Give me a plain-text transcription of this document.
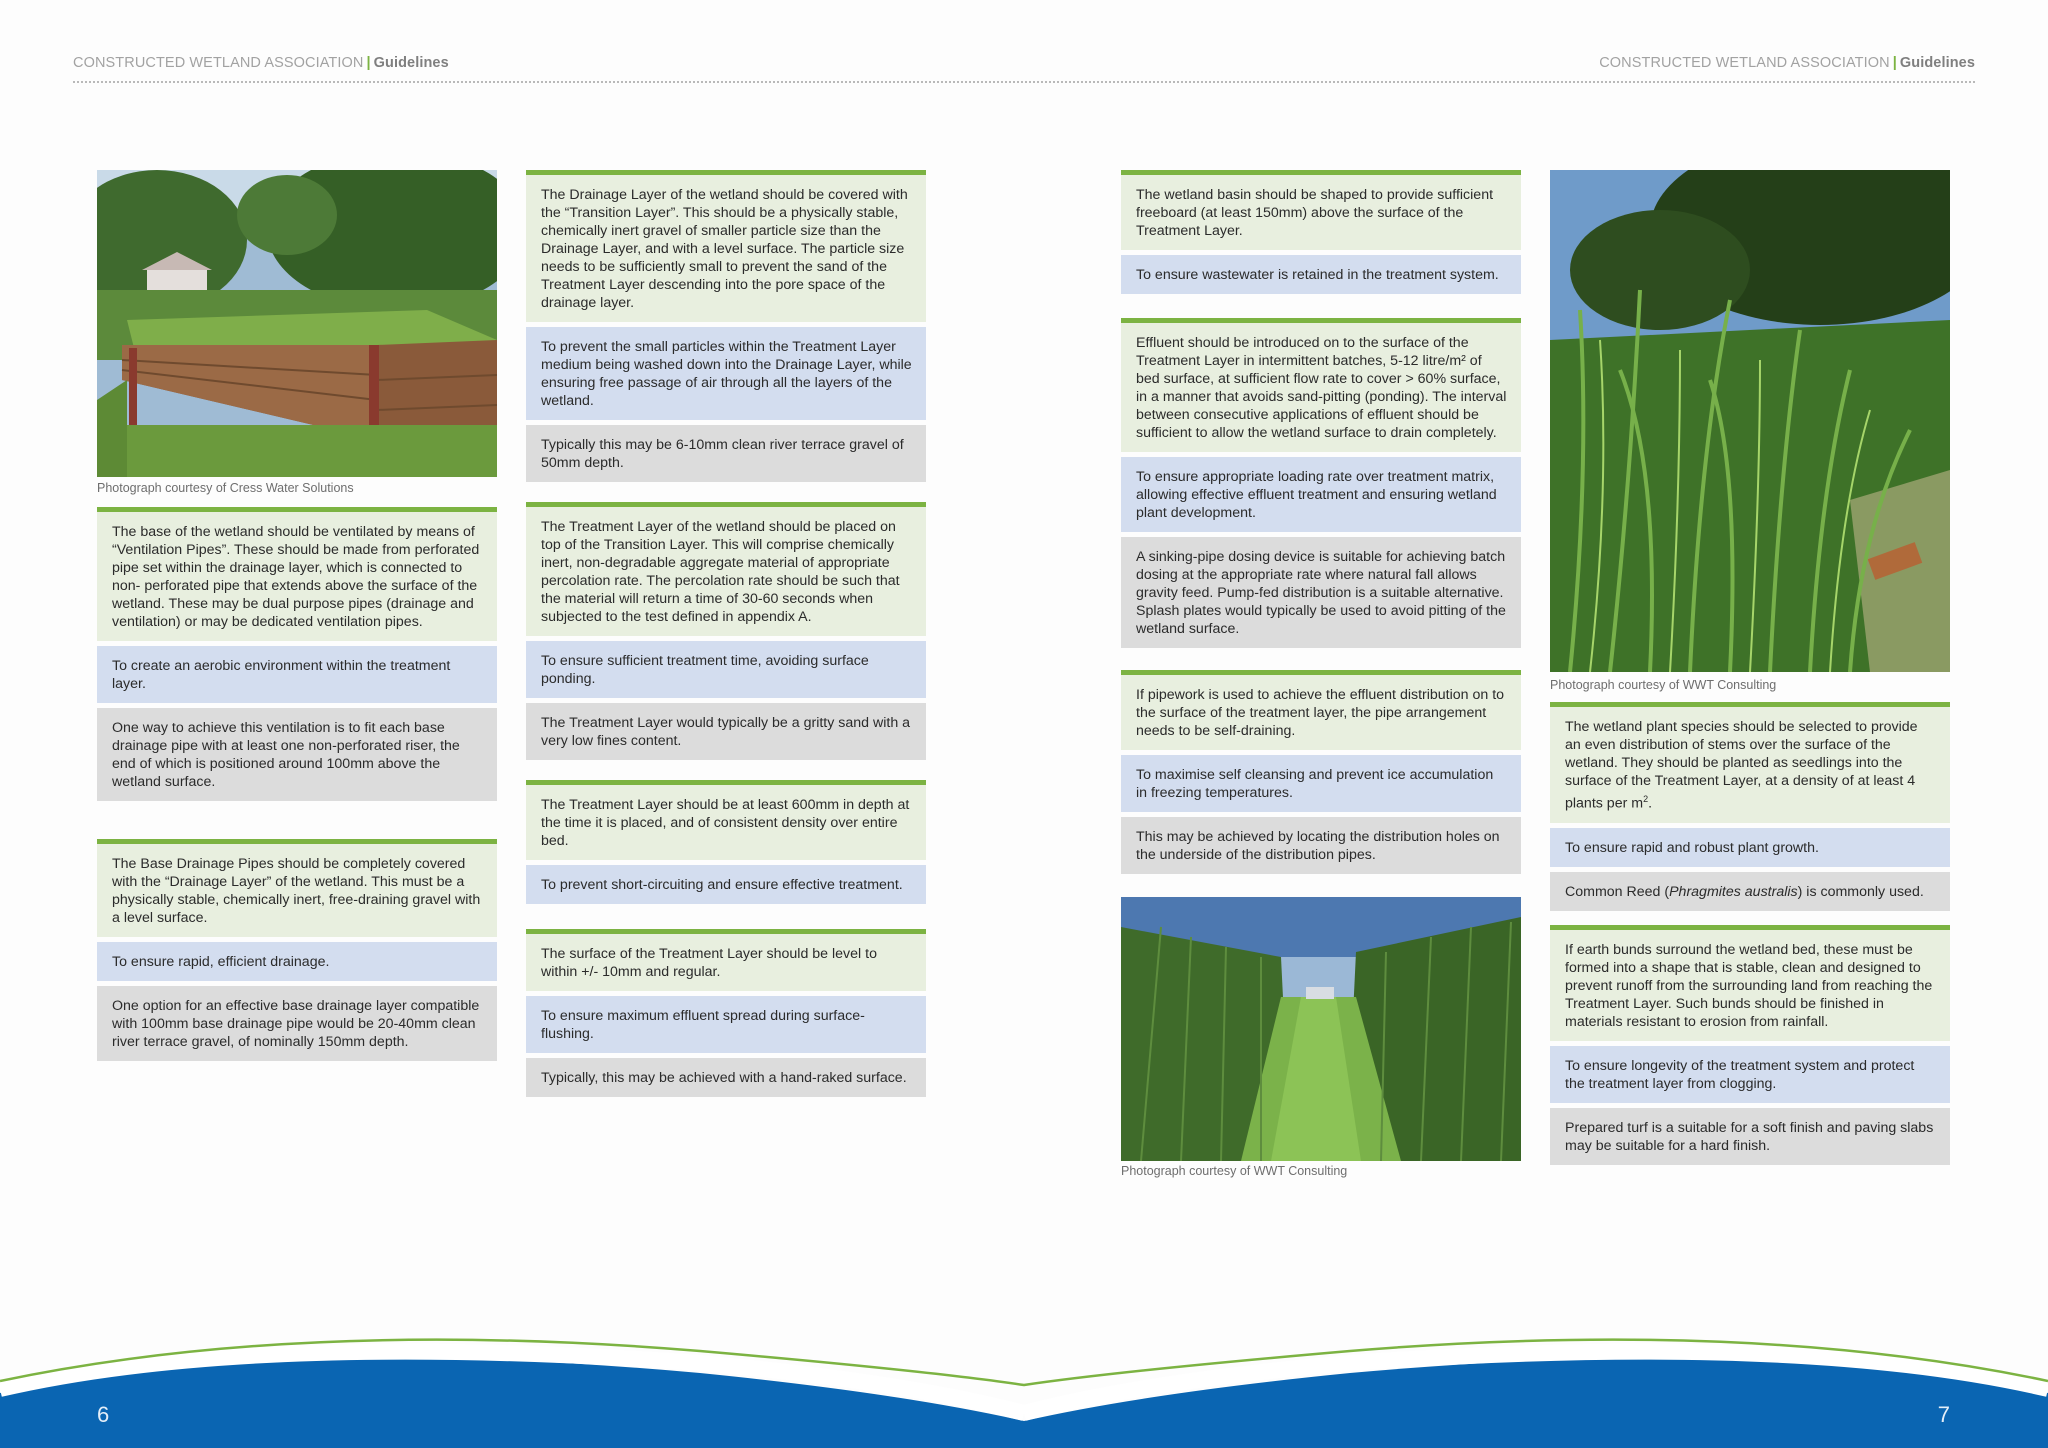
CONSTRUCTED WETLAND ASSOCIATION | Guidelines	CONSTRUCTED WETLAND ASSOCIATION | Guidelines
Photograph courtesy of Cress Water Solutions
The base of the wetland should be ventilated by means of “Ventilation Pipes”. These should be made from perforated pipe set within the drainage layer, which is connected to non- perforated pipe that extends above the surface of the wetland. These may be dual purpose pipes (drainage and ventilation) or may be dedicated ventilation pipes.
To create an aerobic environment within the treatment layer.
One way to achieve this ventilation is to fit each base drainage pipe with at least one non-perforated riser, the end of which is positioned around 100mm above the wetland surface.
The Base Drainage Pipes should be completely covered with the “Drainage Layer” of the wetland. This must be a physically stable, chemically inert, free-draining gravel with a level surface.
To ensure rapid, efficient drainage.
One option for an effective base drainage layer compatible with 100mm base drainage pipe would be 20-40mm clean river terrace gravel, of nominally 150mm depth.
The Drainage Layer of the wetland should be covered with the “Transition Layer”. This should be a physically stable, chemically inert gravel of smaller particle size than the Drainage Layer, and with a level surface. The particle size needs to be sufficiently small to prevent the sand of the Treatment Layer descending into the pore space of the drainage layer.
To prevent the small particles within the Treatment Layer medium being washed down into the Drainage Layer, while ensuring free passage of air through all the layers of the wetland.
Typically this may be 6-10mm clean river terrace gravel of 50mm depth.
The Treatment Layer of the wetland should be placed on top of the Transition Layer. This will comprise chemically inert, non-degradable aggregate material of appropriate percolation rate. The percolation rate should be such that the material will return a time of 30-60 seconds when subjected to the test defined in appendix A.
To ensure sufficient treatment time, avoiding surface ponding.
The Treatment Layer would typically be a gritty sand with a very low fines content.
The Treatment Layer should be at least 600mm in depth at the time it is placed, and of consistent density over entire bed.
To prevent short-circuiting and ensure effective treatment.
The surface of the Treatment Layer should be level to within +/- 10mm and regular.
To ensure maximum effluent spread during surface-flushing.
Typically, this may be achieved with a hand-raked surface.
The wetland basin should be shaped to provide sufficient freeboard (at least 150mm) above the surface of the Treatment Layer.
To ensure wastewater is retained in the treatment system.
Effluent should be introduced on to the surface of the Treatment Layer in intermittent batches, 5-12 litre/m² of bed surface, at sufficient flow rate to cover > 60% surface, in a manner that avoids sand-pitting (ponding). The interval between consecutive applications of effluent should be sufficient to allow the wetland surface to drain completely.
To ensure appropriate loading rate over treatment matrix, allowing effective effluent treatment and ensuring wetland plant development.
A sinking-pipe dosing device is suitable for achieving batch dosing at the appropriate rate where natural fall allows gravity feed. Pump-fed distribution is a suitable alternative. Splash plates would typically be used to avoid pitting of the wetland surface.
If pipework is used to achieve the effluent distribution on to the surface of the treatment layer, the pipe arrangement needs to be self-draining.
To maximise self cleansing and prevent ice accumulation in freezing temperatures.
This may be achieved by locating the distribution holes on the underside of the distribution pipes.
Photograph courtesy of WWT Consulting
Photograph courtesy of WWT Consulting
The wetland plant species should be selected to provide an even distribution of stems over the surface of the wetland. They should be planted as seedlings into the surface of the Treatment Layer, at a density of at least 4 plants per $m^2$.
To ensure rapid and robust plant growth.
Common Reed (Phragmites australis) is commonly used.
If earth bunds surround the wetland bed, these must be formed into a shape that is stable, clean and designed to prevent runoff from the surrounding land from reaching the Treatment Layer. Such bunds should be finished in materials resistant to erosion from rainfall.
To ensure longevity of the treatment system and protect the treatment layer from clogging.
Prepared turf is a suitable for a soft finish and paving slabs may be suitable for a hard finish.
6	7
